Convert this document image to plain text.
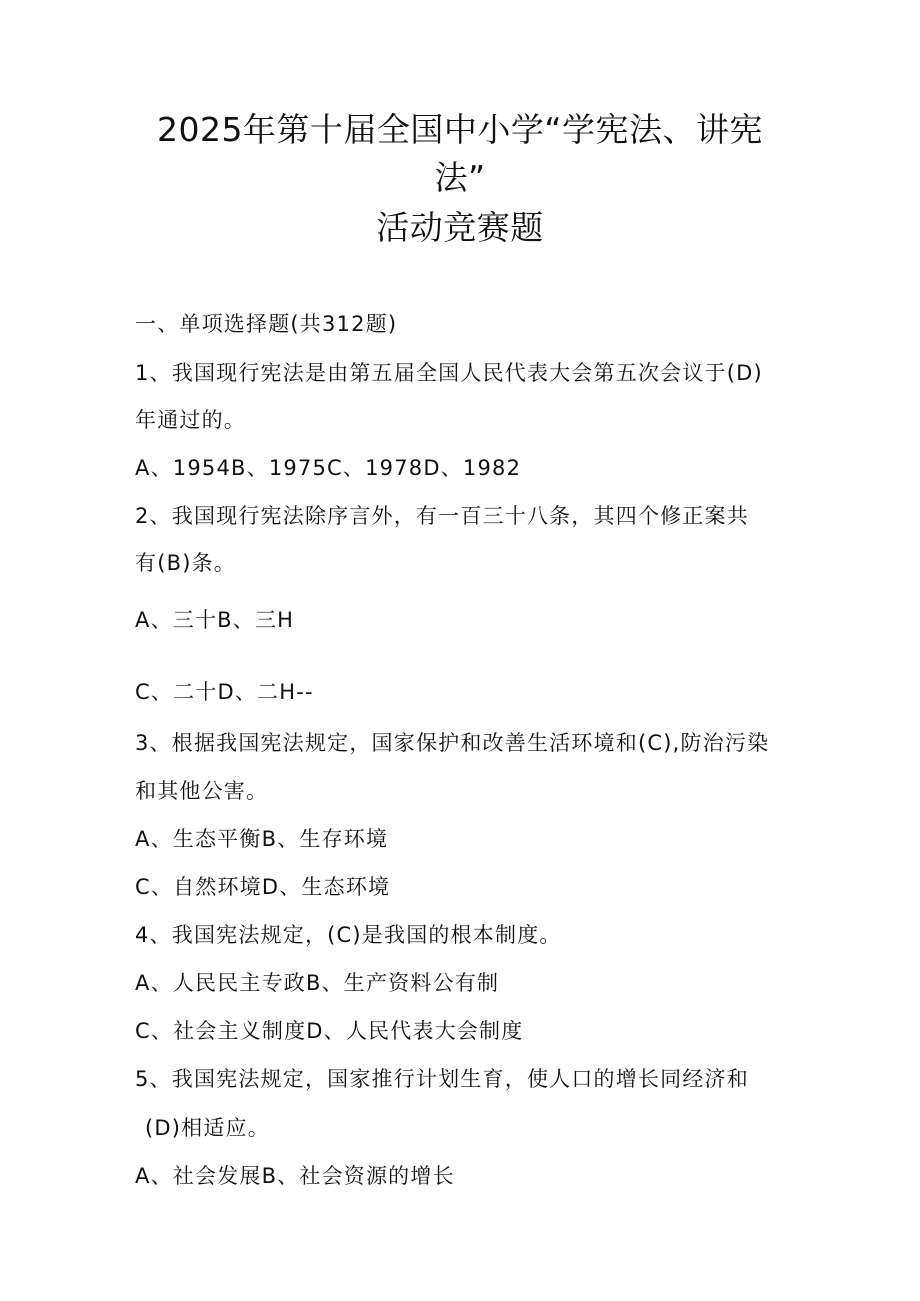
2025年第十届全国中小学“学宪法、讲宪
法”
活动竞赛题
一、单项选择题(共312题)
1、我国现行宪法是由第五届全国人民代表大会第五次会议于(D)
年通过的。
A、1954B、1975C、1978D、1982
2、我国现行宪法除序言外，有一百三十八条，其四个修正案共
有(B)条。
A、三十B、三H
C、二十D、二H--
3、根据我国宪法规定，国家保护和改善生活环境和(C),防治污染
和其他公害。
A、生态平衡B、生存环境
C、自然环境D、生态环境
4、我国宪法规定，(C)是我国的根本制度。
A、人民民主专政B、生产资料公有制
C、社会主义制度D、人民代表大会制度
5、我国宪法规定，国家推行计划生育，使人口的增长同经济和
(D)相适应。
A、社会发展B、社会资源的增长
